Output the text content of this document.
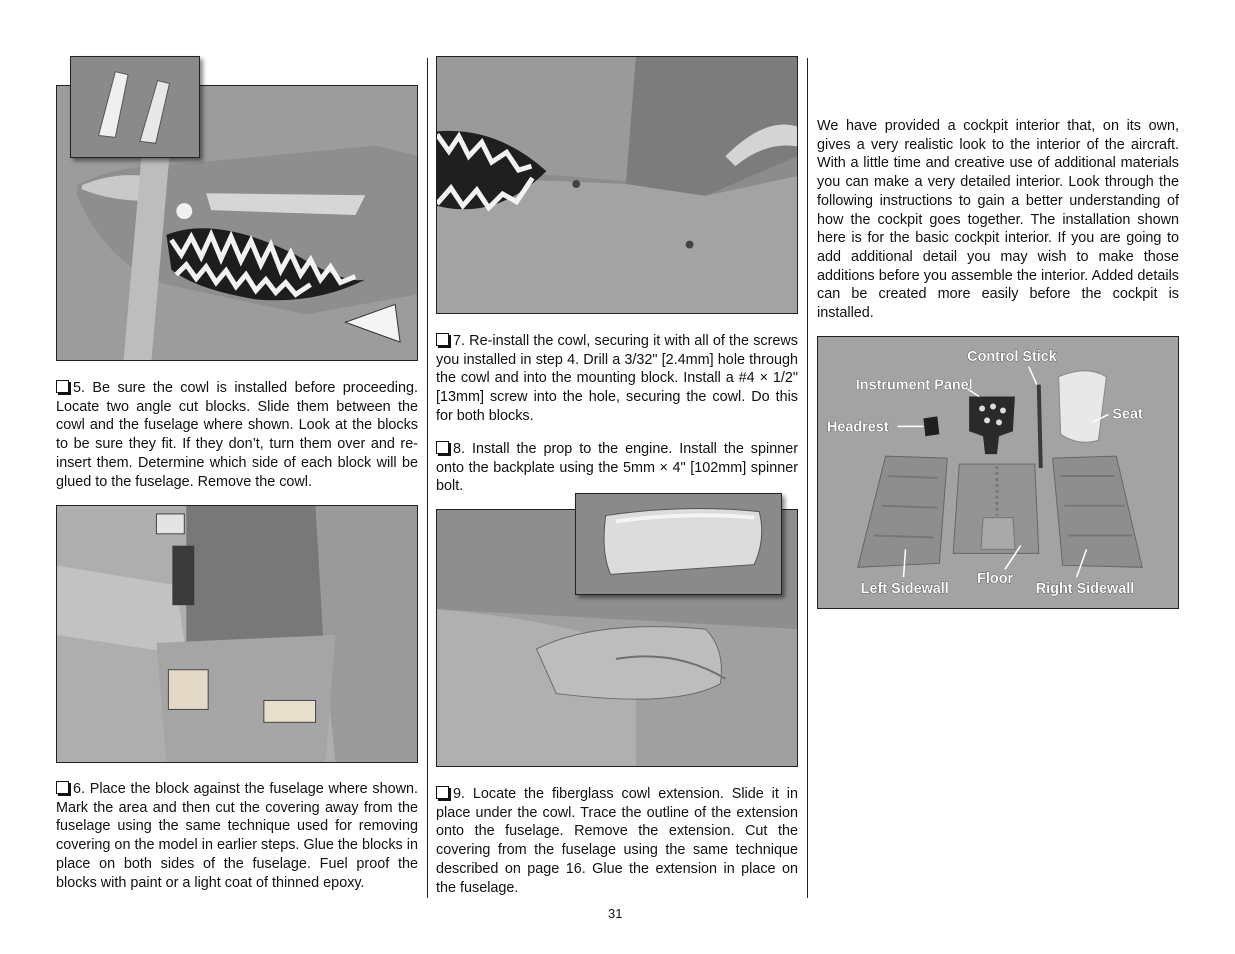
5. Be sure the cowl is installed before proceeding. Locate two angle cut blocks. Slide them between the cowl and the fuselage where shown. Look at the blocks to be sure they fit. If they don’t, turn them over and re-insert them. Determine which side of each block will be glued to the fuselage. Remove the cowl.

6. Place the block against the fuselage where shown. Mark the area and then cut the covering away from the fuselage using the same technique used for removing covering on the model in earlier steps. Glue the blocks in place on both sides of the fuselage. Fuel proof the blocks with paint or a light coat of thinned epoxy.

7. Re-install the cowl, securing it with all of the screws you installed in step 4. Drill a 3/32" [2.4mm] hole through the cowl and into the mounting block. Install a #4 × 1/2" [13mm] screw into the hole, securing the cowl. Do this for both blocks.

8. Install the prop to the engine. Install the spinner onto the backplate using the 5mm × 4" [102mm] spinner bolt.

9. Locate the fiberglass cowl extension. Slide it in place under the cowl. Trace the outline of the extension onto the fuselage. Remove the extension. Cut the covering from the fuselage using the same technique described on page 16. Glue the extension in place on the fuselage.

We have provided a cockpit interior that, on its own, gives a very realistic look to the interior of the aircraft. With a little time and creative use of additional materials you can make a very detailed interior. Look through the following instructions to gain a better understanding of how the cockpit goes together. The installation shown here is for the basic cockpit interior. If you are going to add additional detail you may wish to make those additions before you assemble the interior. Added details can be created more easily before the cockpit is installed.

Control Stick
Instrument Panel
Headrest
Seat
Left Sidewall
Floor
Right Sidewall
31
